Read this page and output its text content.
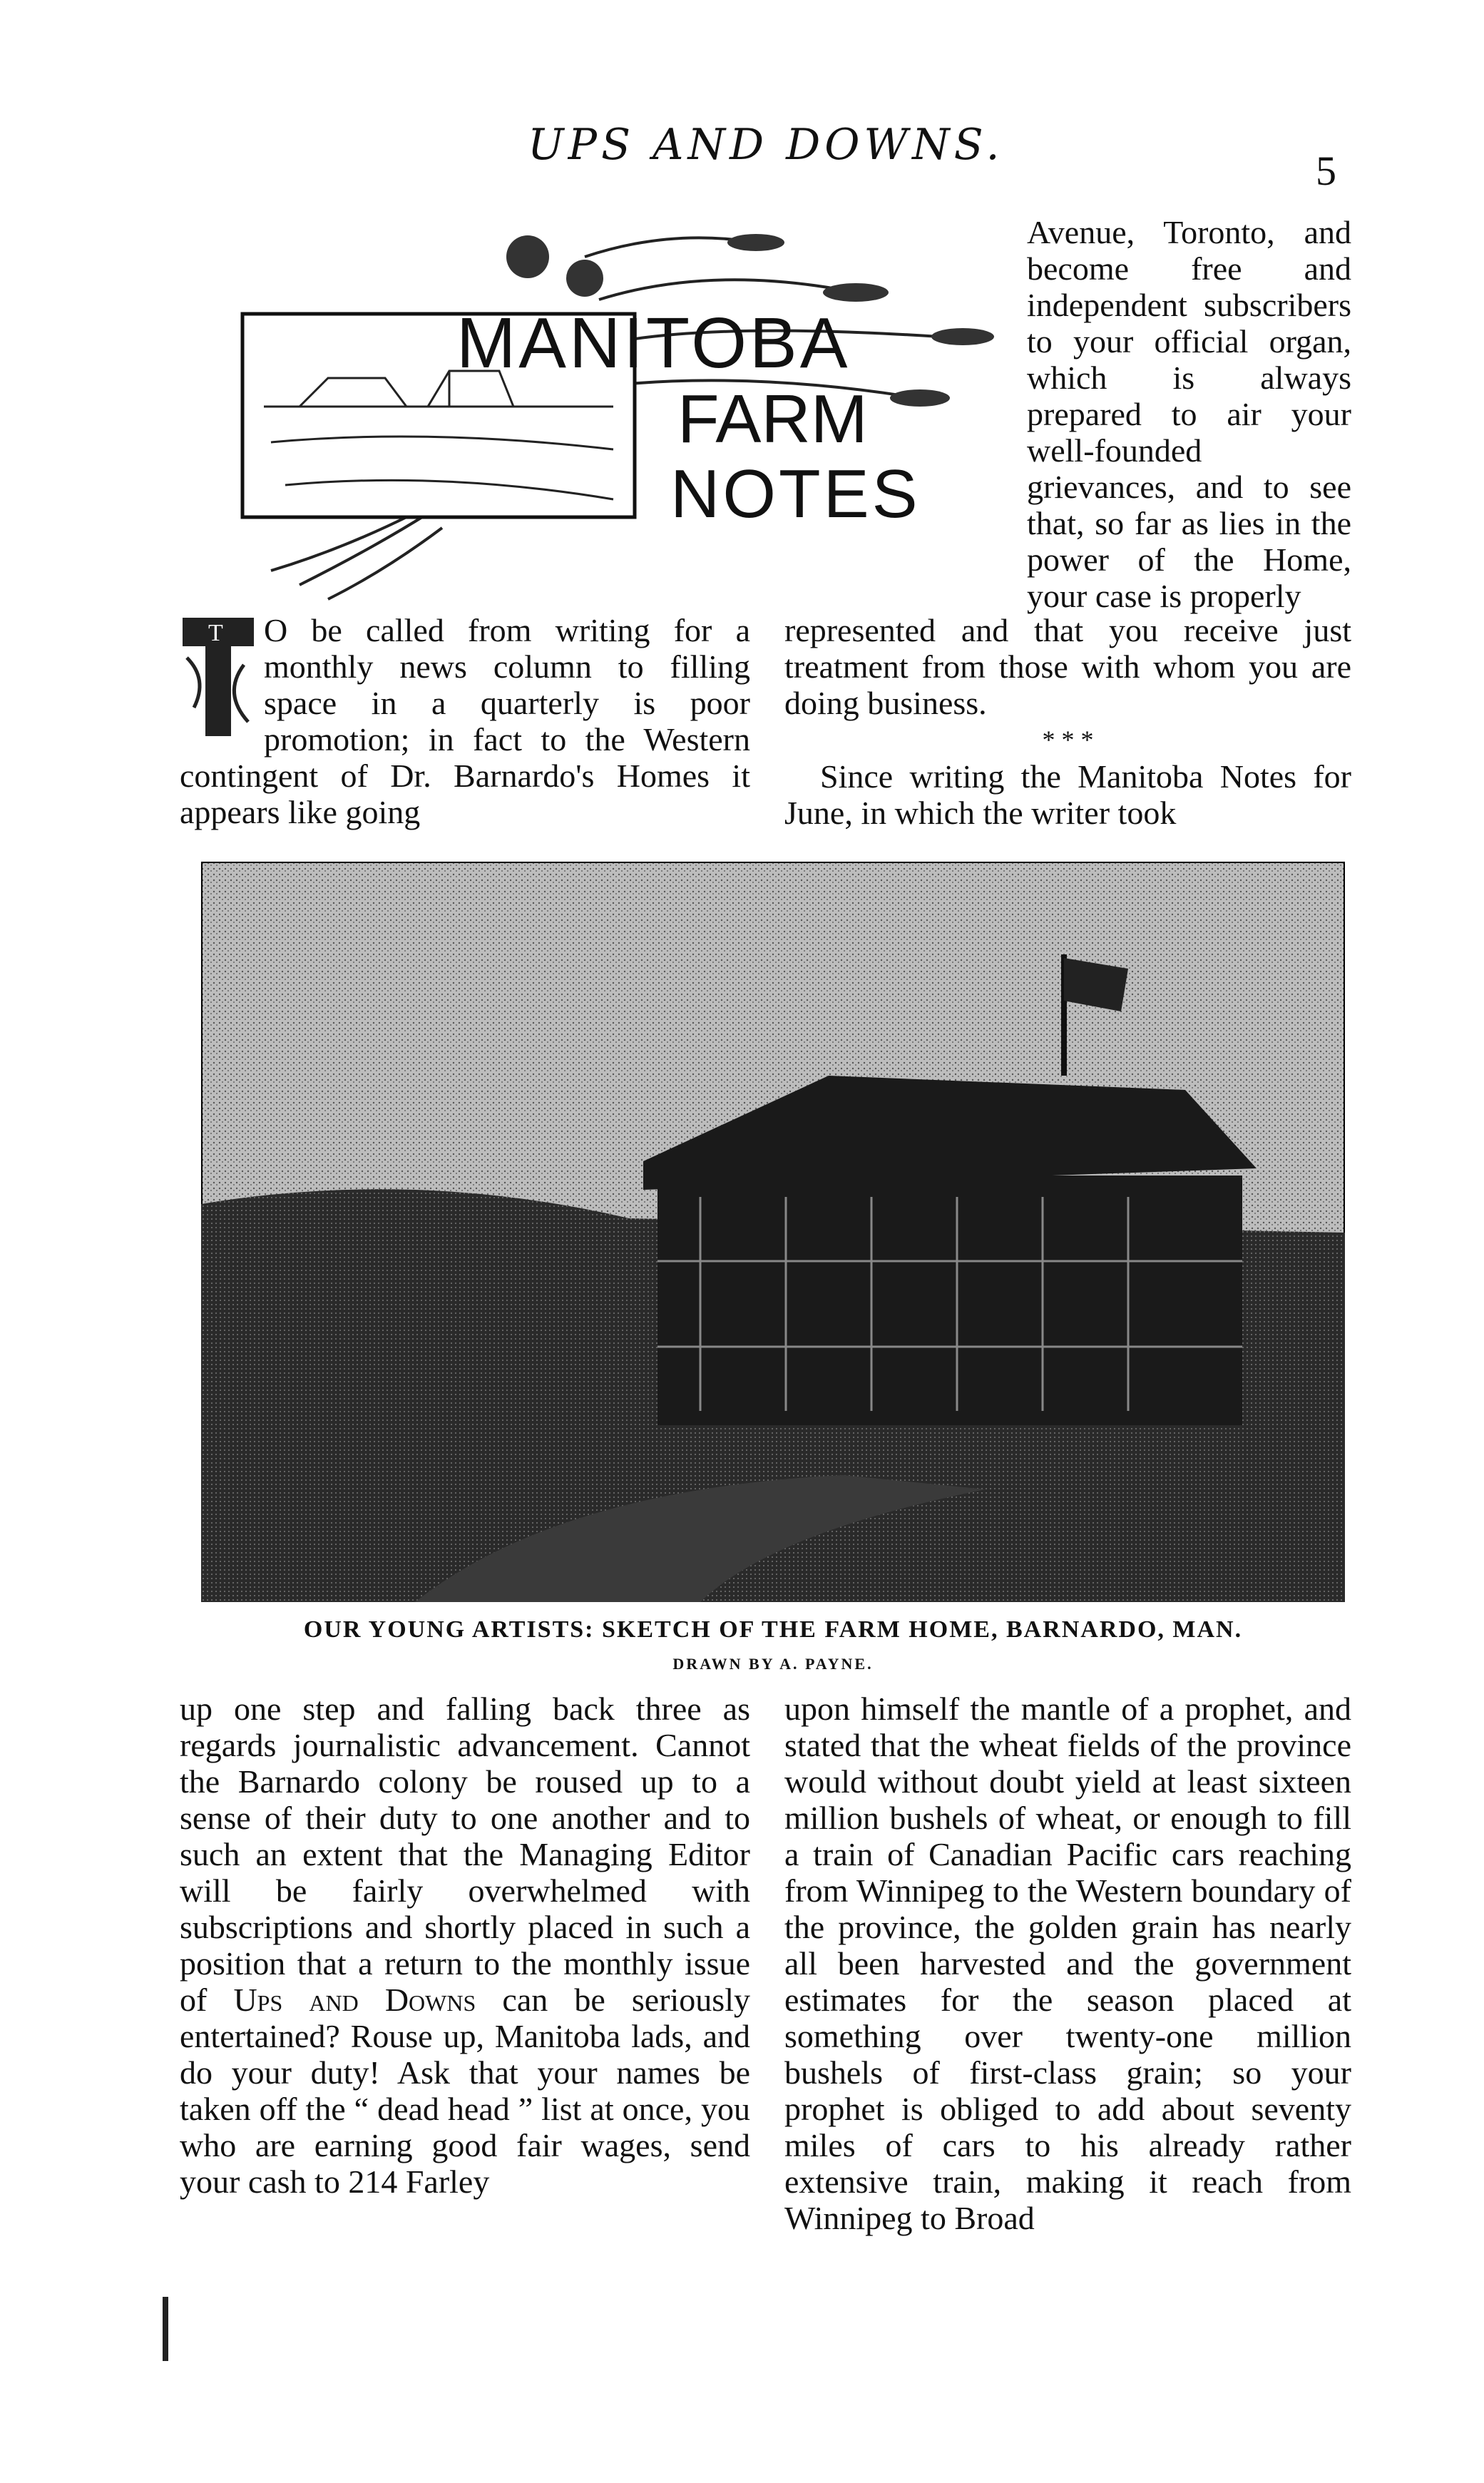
UPS AND DOWNS.
5
MANITOBA
FARM
NOTES

Avenue, Toronto, and become free and independent subscribers to your official organ, which is always prepared to air your well-founded grievances, and to see that, so far as lies in the power of the Home, your case is properly

T	O be called from writing for a monthly news column to filling space in a quarterly is poor promotion; in fact to the Western contingent of Dr. Barnardo's Homes it appears like going

represented and that you receive just treatment from those with whom you are doing business.

* * *

Since writing the Manitoba Notes for June, in which the writer took

OUR YOUNG ARTISTS: SKETCH OF THE FARM HOME, BARNARDO, MAN.
DRAWN BY A. PAYNE.

up one step and falling back three as regards journalistic advancement. Cannot the Barnardo colony be roused up to a sense of their duty to one another and to such an extent that the Managing Editor will be fairly overwhelmed with subscriptions and shortly placed in such a position that a return to the monthly issue of Ups and Downs can be seriously entertained? Rouse up, Manitoba lads, and do your duty! Ask that your names be taken off the “ dead head ” list at once, you who are earning good fair wages, send your cash to 214 Farley

upon himself the mantle of a prophet, and stated that the wheat fields of the province would without doubt yield at least sixteen million bushels of wheat, or enough to fill a train of Canadian Pacific cars reaching from Winnipeg to the Western boundary of the province, the golden grain has nearly all been harvested and the government estimates for the season placed at something over twenty-one million bushels of first-class grain; so your prophet is obliged to add about seventy miles of cars to his already rather extensive train, making it reach from Winnipeg to Broad
